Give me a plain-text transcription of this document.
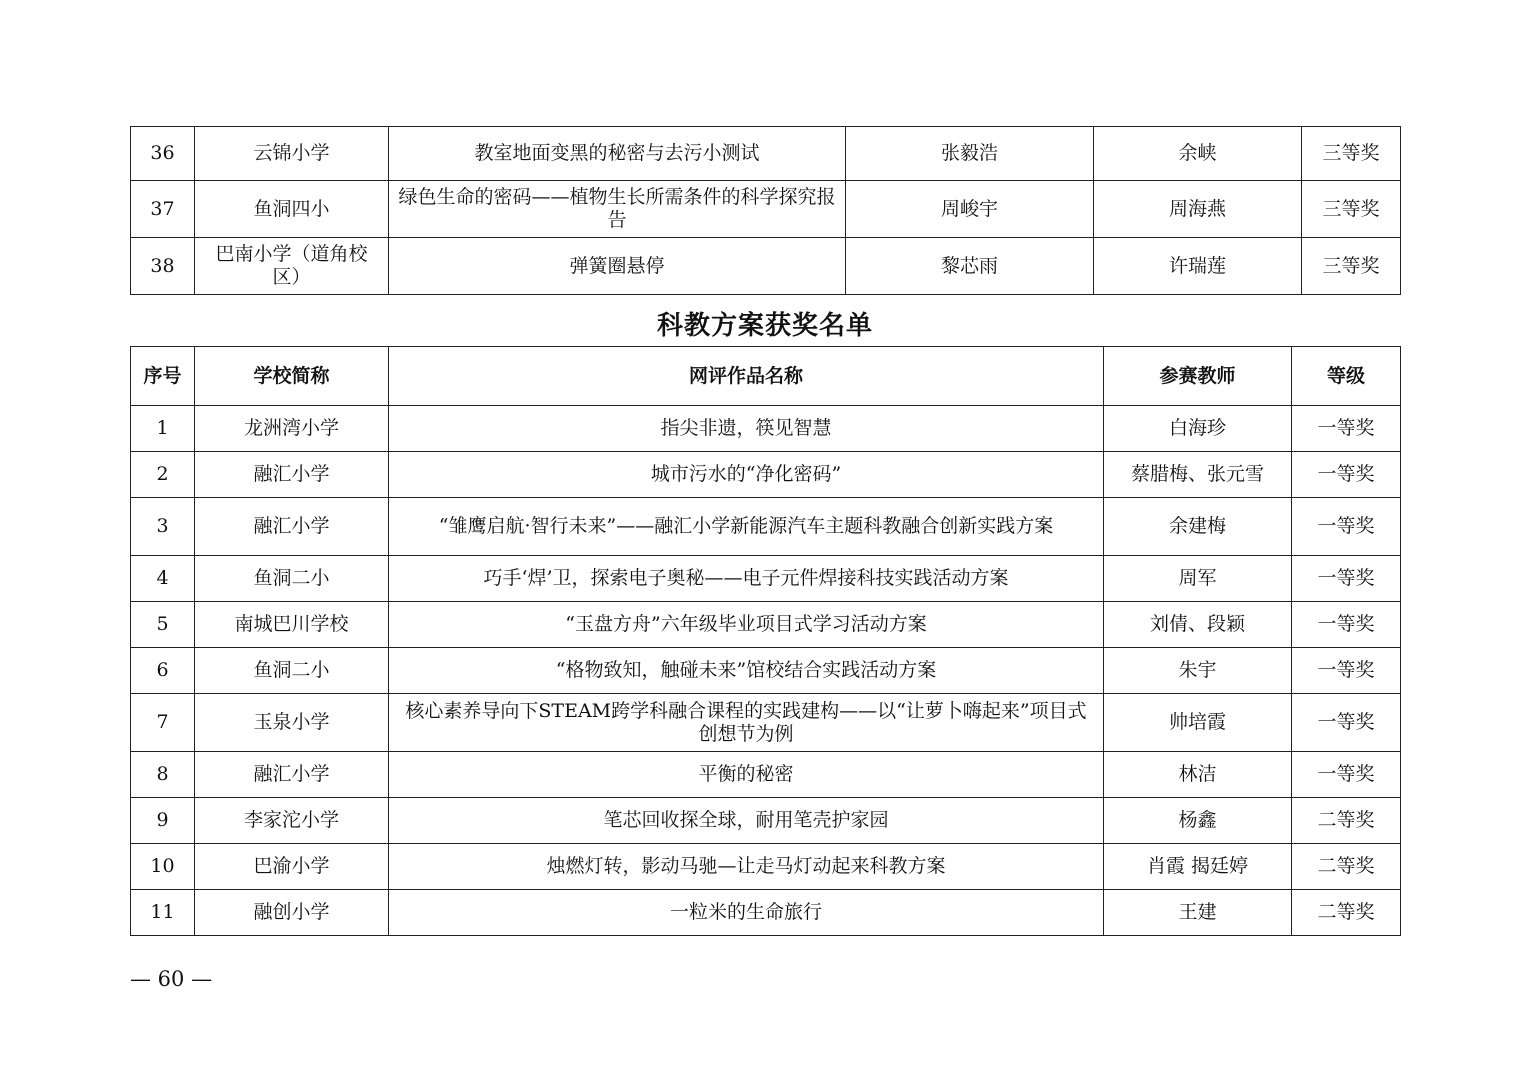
36	云锦小学	教室地面变黑的秘密与去污小测试	张毅浩	余峡	三等奖
37	鱼洞四小	绿色生命的密码——植物生长所需条件的科学探究报告	周峻宇	周海燕	三等奖
38	巴南小学（道角校区）	弹簧圈悬停	黎芯雨	许瑞莲	三等奖
科教方案获奖名单
序号	学校简称	网评作品名称	参赛教师	等级
1	龙洲湾小学	指尖非遗，筷见智慧	白海珍	一等奖
2	融汇小学	城市污水的“净化密码”	蔡腊梅、张元雪	一等奖
3	融汇小学	“雏鹰启航·智行未来”——融汇小学新能源汽车主题科教融合创新实践方案	余建梅	一等奖
4	鱼洞二小	巧手‘焊’卫，探索电子奥秘——电子元件焊接科技实践活动方案	周军	一等奖
5	南城巴川学校	“玉盘方舟”六年级毕业项目式学习活动方案	刘倩、段颖	一等奖
6	鱼洞二小	“格物致知，触碰未来”馆校结合实践活动方案	朱宇	一等奖
7	玉泉小学	核心素养导向下STEAM跨学科融合课程的实践建构——以“让萝卜嗨起来”项目式创想节为例	帅培霞	一等奖
8	融汇小学	平衡的秘密	林洁	一等奖
9	李家沱小学	笔芯回收探全球，耐用笔壳护家园	杨鑫	二等奖
10	巴渝小学	烛燃灯转，影动马驰—让走马灯动起来科教方案	肖霞 揭廷婷	二等奖
11	融创小学	一粒米的生命旅行	王建	二等奖
— 60 —
